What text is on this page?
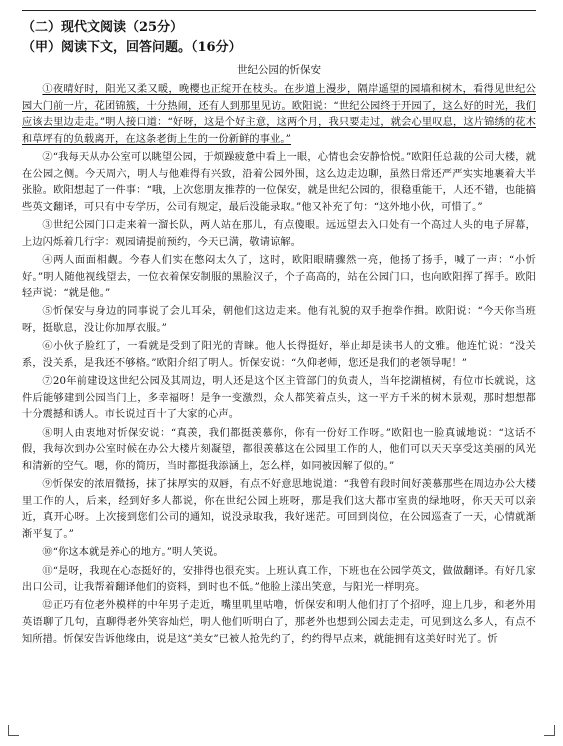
（二）现代文阅读（25分）
（甲）阅读下文，回答问题。（16分）
世纪公园的忻保安

①夜晴好时，阳光又柔又暖，晚樱也正绽开在枝头。在步道上漫步，隔岸遥望的园墙和树木，看得见世纪公园大门前一片，花团锦簇，十分热闹，还有人到那里见访。欧阳说：“世纪公园终于开园了，这么好的时光，我们应该去里边走走。”明人接口道：“好呀，这是个好主意，这两个月，我只要走过，就会心里叹息，这片锦绣的花木和草坪有的负载离开，在这条老街上生的一份新鲜的事业。”

②“我每天从办公室可以眺望公园，于烦躁疲惫中看上一眼，心情也会安静恰悦。”欧阳任总裁的公司大楼，就在公园之侧。今天周六，明人与他难得有兴致，沿着公园外围，这么边走边聊，虽然日常还严严实实地裹着大半张脸。欧阳想起了一件事：“哦，上次您朋友推荐的一位保安，就是世纪公园的，很稳重能干，人还不错，也能搞些英文翻译，可只有中专学历，公司有规定，最后没能录取。”他又补充了句：“这外地小伙，可惜了。”

③世纪公园门口走来着一溜长队，两人站在那儿，有点傻眼。远远望去入口处有一个高过人头的电子屏幕，上边闪烁着几行字：观园请提前预约，今天已满，敬请谅解。

④两人面面相觑。今春人们实在憋闷太久了，这时，欧阳眼睛骤然一亮，他扬了扬手，喊了一声：“小忻好。”明人随他视线望去，一位衣着保安制服的黑脸汉子，个子高高的，站在公园门口，也向欧阳挥了挥手。欧阳轻声说：“就是他。”

⑤忻保安与身边的同事说了会儿耳朵，朝他们这边走来。他有礼貌的双手抱拳作揖。欧阳说：“今天你当班呀，挺歇息，没让你加厚衣服。”

⑥小伙子脸红了，一看就是受到了阳光的青睐。他人长得挺好，举止却是读书人的文雅。他连忙说：“没关系，没关系，是我还不够格。”欧阳介绍了明人。忻保安说：“久仰老师，您还是我们的老领导呢！”

⑦20年前建设这世纪公园及其周边，明人还是这个区主管部门的负责人，当年挖湖植树，有位市长就说，这件后能够建到公园当门上，多幸福呀！是争一变激烈，众人都笑着点头，这一平方千米的树木景观，那时想想都十分震撼和诱人。市长说过百十了大家的心声。

⑧明人由衷地对忻保安说：“真羡，我们都挺羡慕你，你有一份好工作呀。”欧阳也一脸真诚地说：“这话不假，我每次到办公室时候在办公大楼片刻凝望，都很羡慕这在公园里工作的人，他们可以天天享受这美丽的风光和清新的空气。嗯，你的简历，当时都挺我添涵上，怎么样，如同被因解了似的。”

⑨忻保安的浓眉微扬，抹了抹厚实的双唇，有点不好意思地说道：“我曾有段时间好羡慕那些在周边办公大楼里工作的人，后来，经到好多人都说，你在世纪公园上班呀，那是我们这大都市室贵的绿地呀，你天天可以亲近，真开心呀。上次接到您们公司的通知，说没录取我，我好迷茫。可回到岗位，在公园巡查了一天，心情就渐渐平复了。”

⑩“你这本就是养心的地方。”明人笑说。

⑪“是呀，我现在心态挺好的，安排得也很充实。上班认真工作，下班也在公园学英文，做做翻译。有好几家出口公司，让我帮着翻译他们的资料，到时也不低。”他脸上漾出笑意，与阳光一样明亮。

⑫正巧有位老外模样的中年男子走近，嘴里叽里咕噜，忻保安和明人他们打了个招呼，迎上几步，和老外用英语聊了几句，直聊得老外笑容灿烂，明人他们听明白了，那老外也想到公园去走走，可见到这么多人，有点不知所措。忻保安告诉他缘由，说是这“美女”已被人抢先约了，约约得早点来，就能拥有这美好时光了。忻
